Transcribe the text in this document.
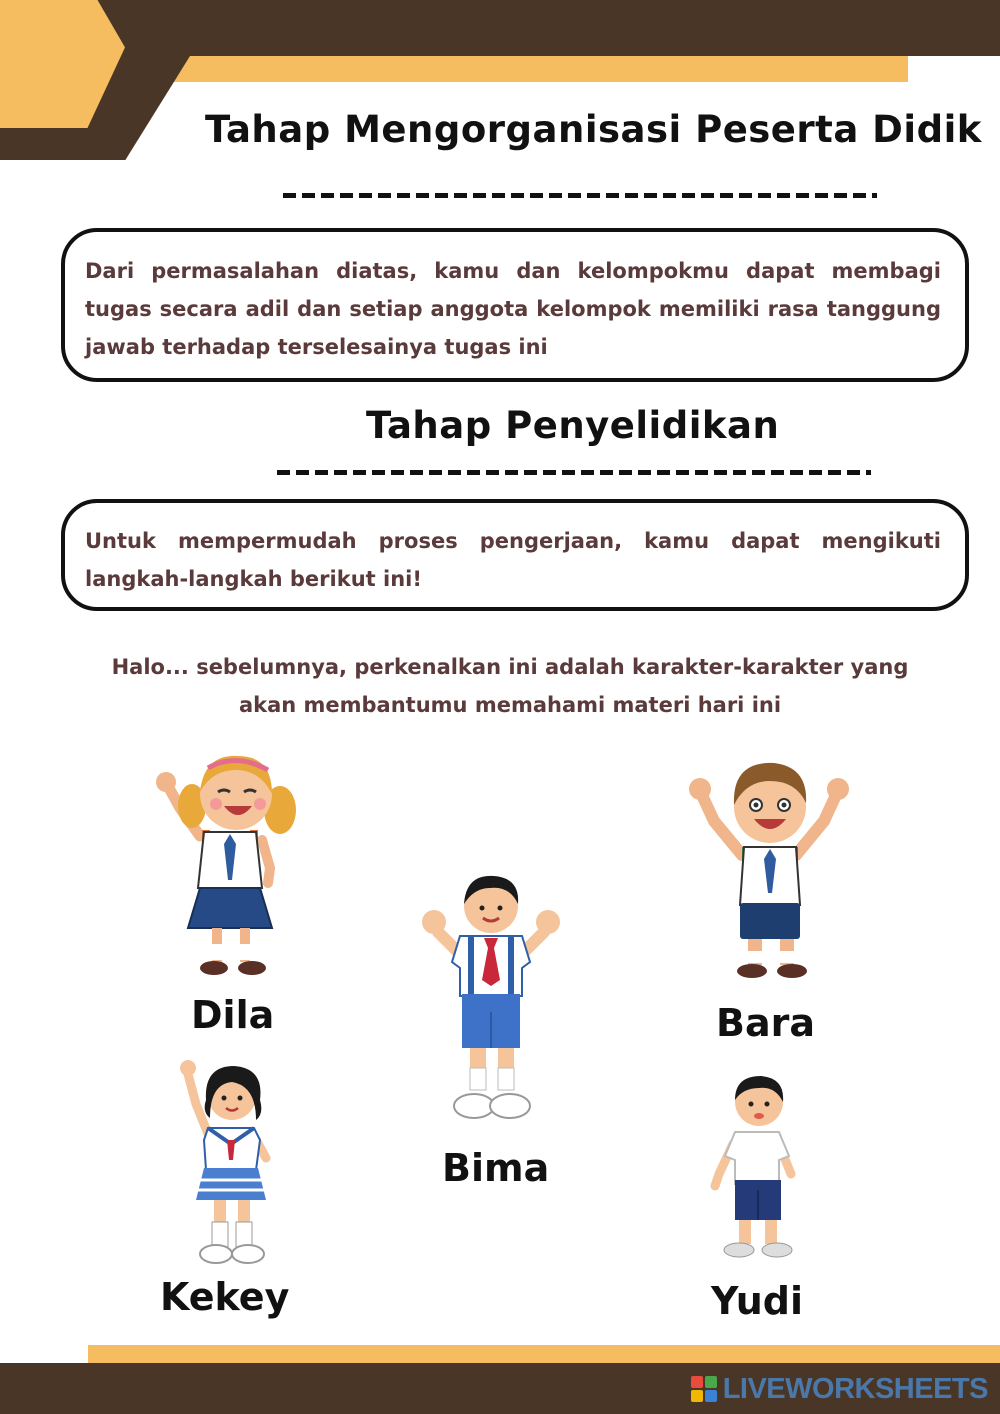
Tahap Mengorganisasi Peserta Didik

Dari permasalahan diatas, kamu dan kelompokmu dapat membagi tugas secara adil dan setiap anggota kelompok memiliki rasa tanggung jawab terhadap terselesainya tugas ini

Tahap Penyelidikan

Untuk mempermudah proses pengerjaan, kamu dapat mengikuti langkah-langkah berikut ini!

Halo... sebelumnya, perkenalkan ini adalah karakter-karakter yang akan membantumu memahami materi hari ini
Dila	Bara
Bima
Kekey	Yudi
LIVEWORKSHEETS
